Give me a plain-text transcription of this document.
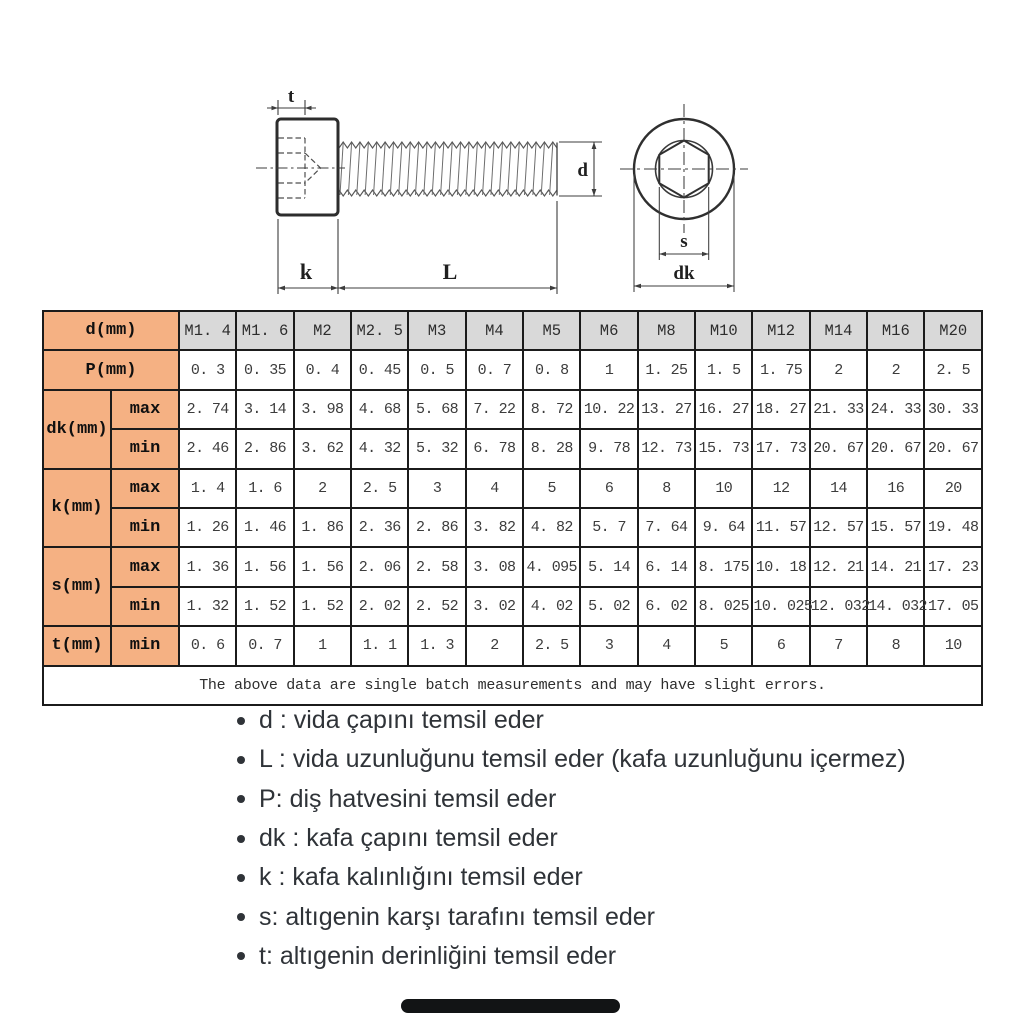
t
k	L
d
s
dk
d(mm)		M1. 4	M1. 6	M2	M2. 5	M3	M4	M5	M6	M8	M10	M12	M14	M16	M20
P(mm)		0. 3	0. 35	0. 4	0. 45	0. 5	0. 7	0. 8	1	1. 25	1. 5	1. 75	2	2	2. 5
dk(mm)	max	2. 74	3. 14	3. 98	4. 68	5. 68	7. 22	8. 72	10. 22	13. 27	16. 27	18. 27	21. 33	24. 33	30. 33
	min	2. 46	2. 86	3. 62	4. 32	5. 32	6. 78	8. 28	9. 78	12. 73	15. 73	17. 73	20. 67	20. 67	20. 67
k(mm)	max	1. 4	1. 6	2	2. 5	3	4	5	6	8	10	12	14	16	20
	min	1. 26	1. 46	1. 86	2. 36	2. 86	3. 82	4. 82	5. 7	7. 64	9. 64	11. 57	12. 57	15. 57	19. 48
s(mm)	max	1. 36	1. 56	1. 56	2. 06	2. 58	3. 08	4. 095	5. 14	6. 14	8. 175	10. 18	12. 21	14. 21	17. 23
	min	1. 32	1. 52	1. 52	2. 02	2. 52	3. 02	4. 02	5. 02	6. 02	8. 025	10. 025	12. 032	14. 032	17. 05
t(mm)	min	0. 6	0. 7	1	1. 1	1. 3	2	2. 5	3	4	5	6	7	8	10
The above data are single batch measurements and may have slight errors.															
d : vida çapını temsil eder
L : vida uzunluğunu temsil eder (kafa uzunluğunu içermez)
P: diş hatvesini temsil eder
dk : kafa çapını temsil eder
k : kafa kalınlığını temsil eder
s: altıgenin karşı tarafını temsil eder
t: altıgenin derinliğini temsil eder
